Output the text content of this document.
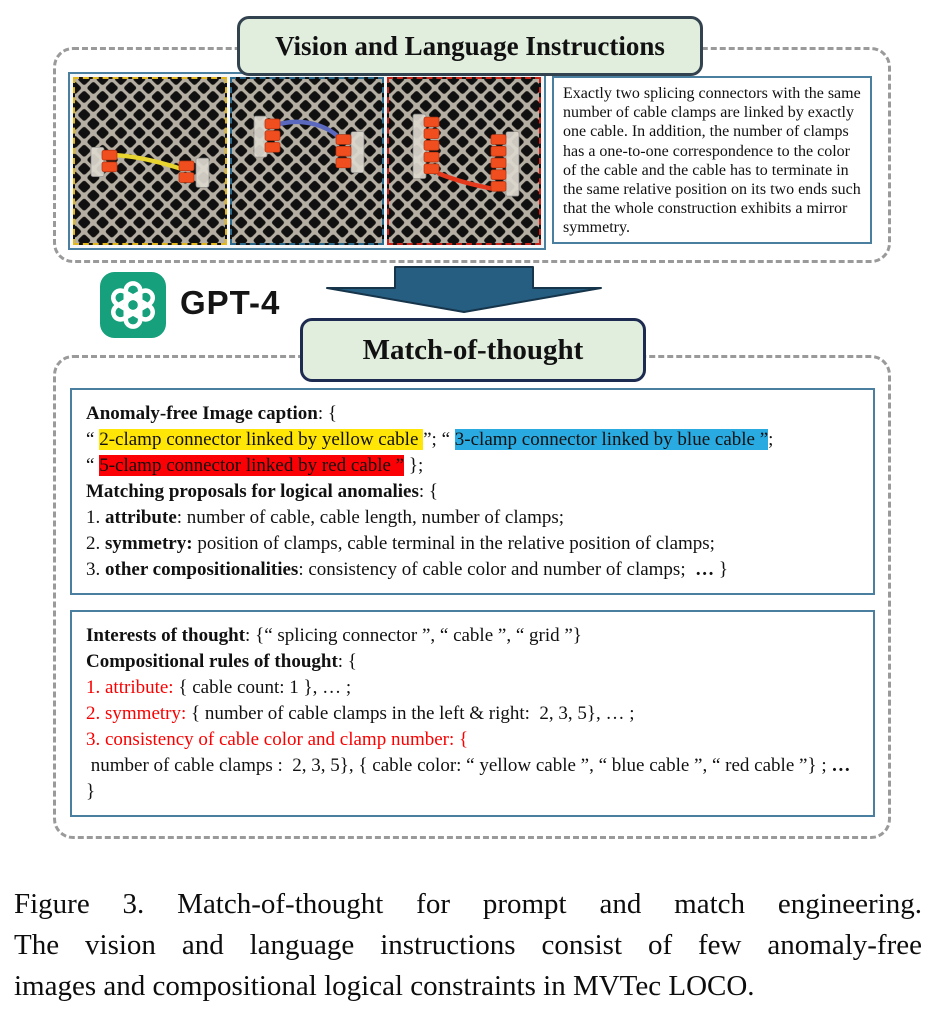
Vision and Language Instructions
Exactly two splicing connectors with the same number of cable clamps are linked by exactly one cable. In addition, the number of clamps has a one-to-one correspondence to the color of the cable and the cable has to terminate in the same relative position on its two ends such that the whole construction exhibits a mirror symmetry.
GPT-4
Match-of-thought
Anomaly-free Image caption: {
“ 2-clamp connector linked by yellow cable ”; “ 3-clamp connector linked by blue cable ”;
“ 5-clamp connector linked by red cable ” };
Matching proposals for logical anomalies: {
1. attribute: number of cable, cable length, number of clamps;
2. symmetry: position of clamps, cable terminal in the relative position of clamps;
3. other compositionalities: consistency of cable color and number of clamps;  … }
Interests of thought: {“ splicing connector ”, “ cable ”, “ grid ”}
Compositional rules of thought: {
1. attribute: { cable count: 1 }, … ;
2. symmetry: { number of cable clamps in the left & right:  2, 3, 5}, … ;
3. consistency of cable color and clamp number: {
number of cable clamps :  2, 3, 5}, { cable color: “ yellow cable ”, “ blue cable ”, “ red cable ”} ; … }
Figure 3. Match-of-thought for prompt and match engineering.
The vision and language instructions consist of few anomaly-free
images and compositional logical constraints in MVTec LOCO.
